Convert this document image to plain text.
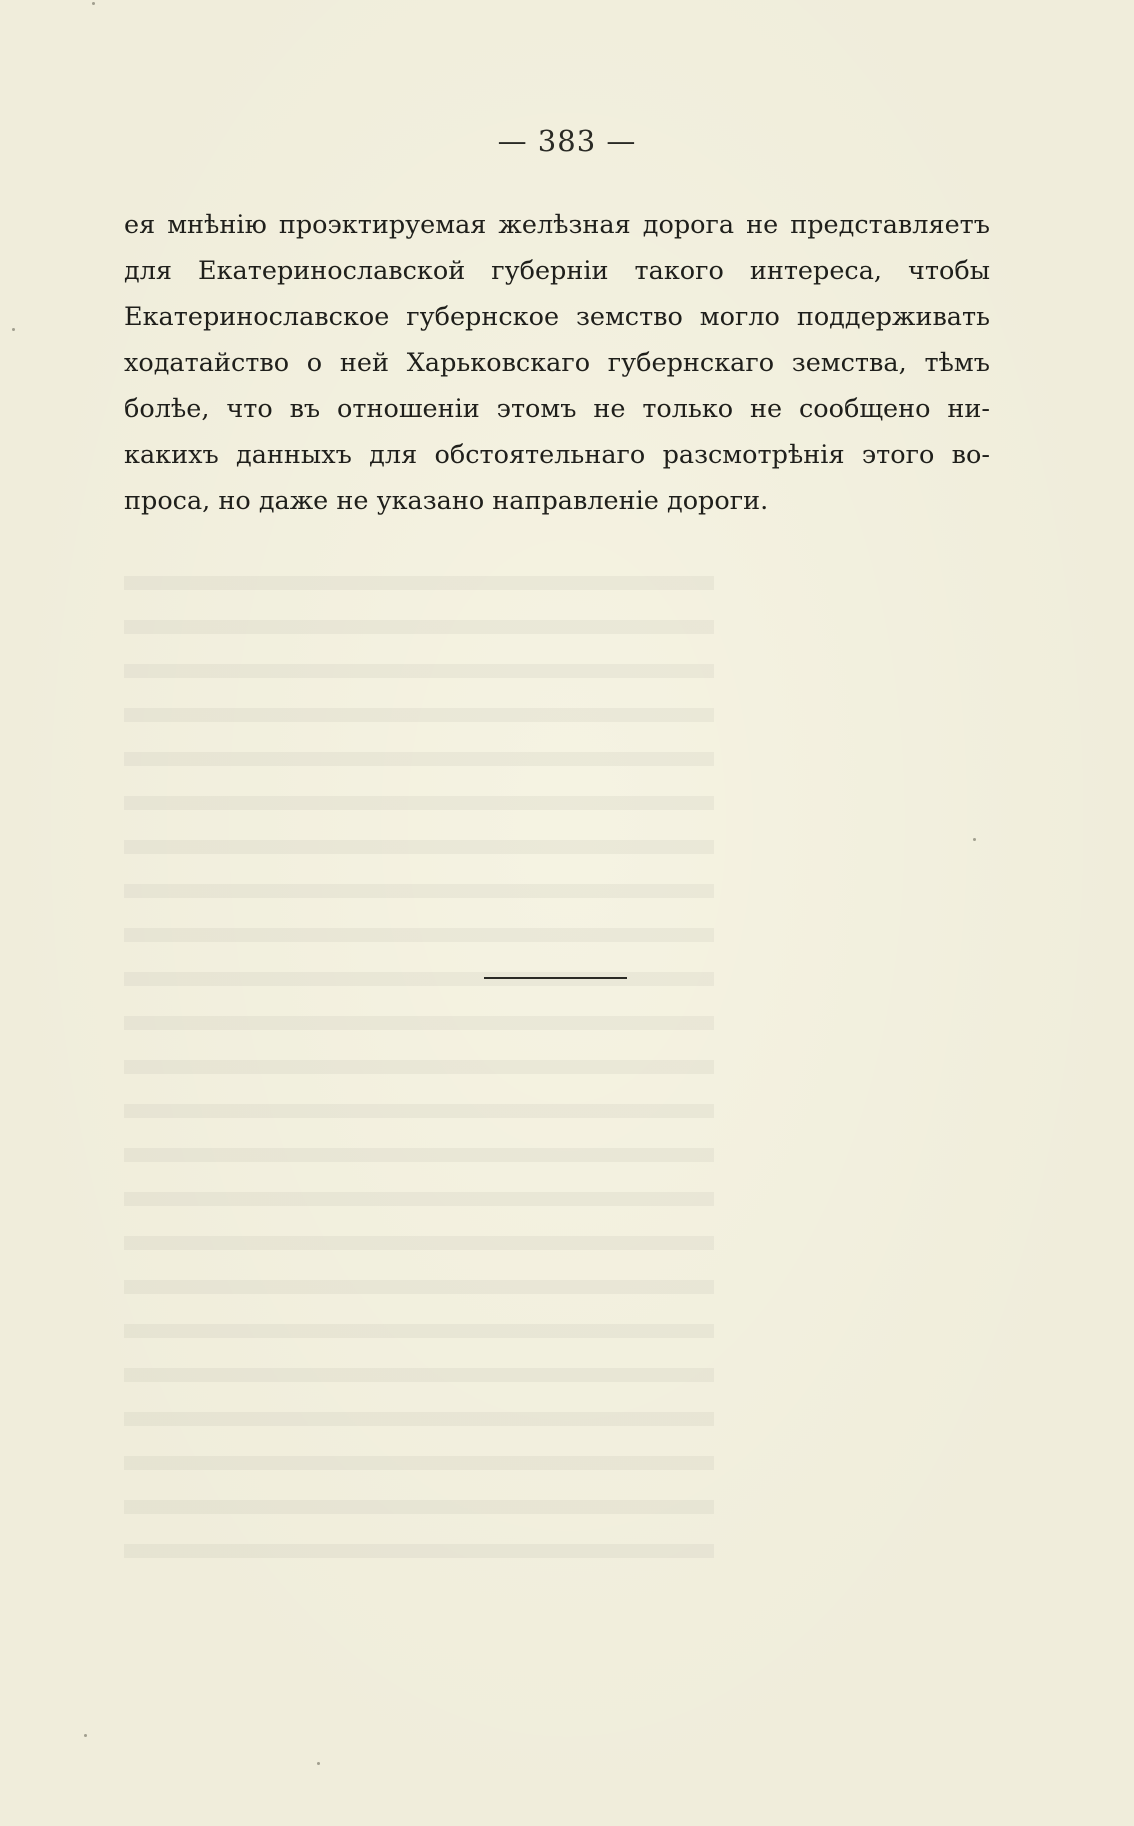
— 383 —
ея мнѣнію проэктируемая желѣзная дорога не представляетъ
для Екатеринославской губерніи такого интереса, чтобы
Екатеринославское губернское земство могло поддерживать
ходатайство о ней Харьковскаго губернскаго земства, тѣмъ
болѣе, что въ отношеніи этомъ не только не сообщено ни-
какихъ данныхъ для обстоятельнаго разсмотрѣнія этого во-
проса, но даже не указано направленіе дороги.
